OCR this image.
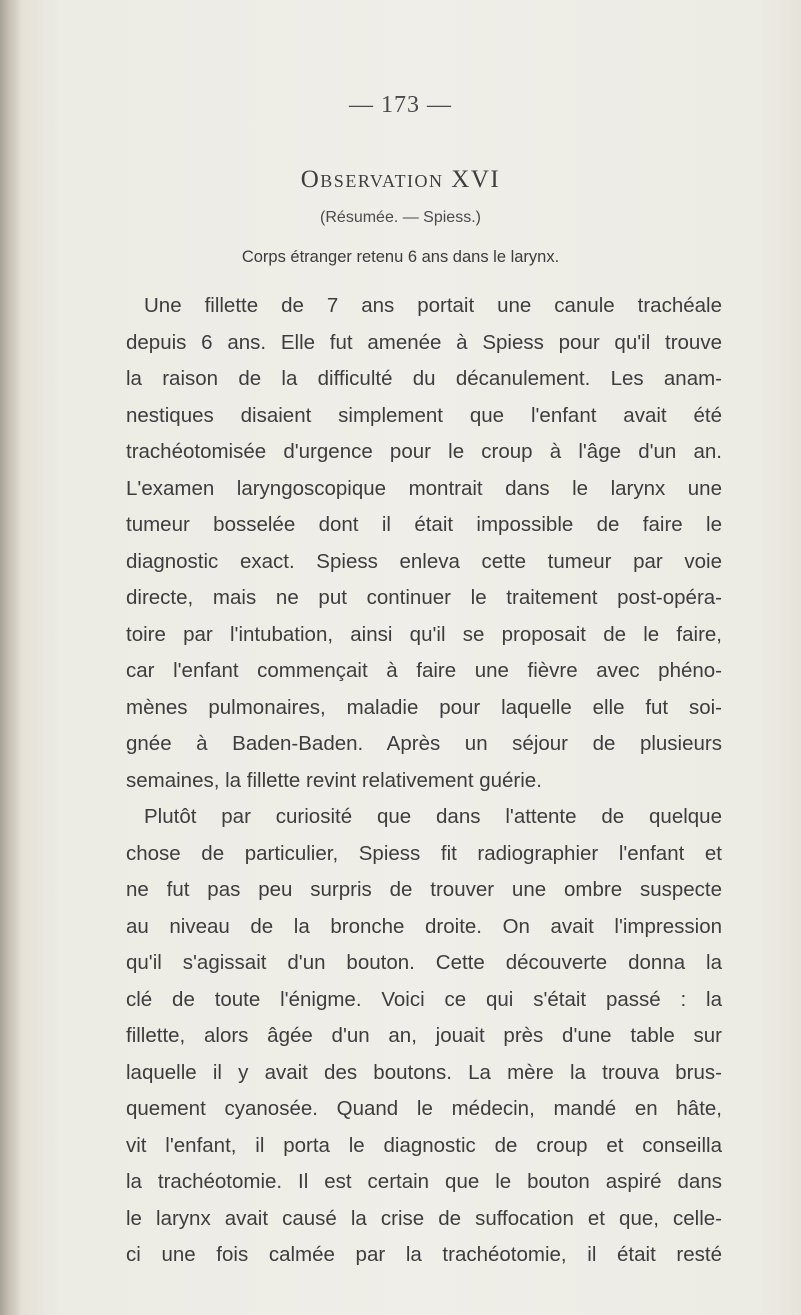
— 173 —
Observation XVI
(Résumée. — Spiess.)
Corps étranger retenu 6 ans dans le larynx.
Une fillette de 7 ans portait une canule trachéale
depuis 6 ans. Elle fut amenée à Spiess pour qu'il trouve
la raison de la difficulté du décanulement. Les anam-
nestiques disaient simplement que l'enfant avait été
trachéotomisée d'urgence pour le croup à l'âge d'un an.
L'examen laryngoscopique montrait dans le larynx une
tumeur bosselée dont il était impossible de faire le
diagnostic exact. Spiess enleva cette tumeur par voie
directe, mais ne put continuer le traitement post-opéra-
toire par l'intubation, ainsi qu'il se proposait de le faire,
car l'enfant commençait à faire une fièvre avec phéno-
mènes pulmonaires, maladie pour laquelle elle fut soi-
gnée à Baden-Baden. Après un séjour de plusieurs
semaines, la fillette revint relativement guérie.
Plutôt par curiosité que dans l'attente de quelque
chose de particulier, Spiess fit radiographier l'enfant et
ne fut pas peu surpris de trouver une ombre suspecte
au niveau de la bronche droite. On avait l'impression
qu'il s'agissait d'un bouton. Cette découverte donna la
clé de toute l'énigme. Voici ce qui s'était passé : la
fillette, alors âgée d'un an, jouait près d'une table sur
laquelle il y avait des boutons. La mère la trouva brus-
quement cyanosée. Quand le médecin, mandé en hâte,
vit l'enfant, il porta le diagnostic de croup et conseilla
la trachéotomie. Il est certain que le bouton aspiré dans
le larynx avait causé la crise de suffocation et que, celle-
ci une fois calmée par la trachéotomie, il était resté
